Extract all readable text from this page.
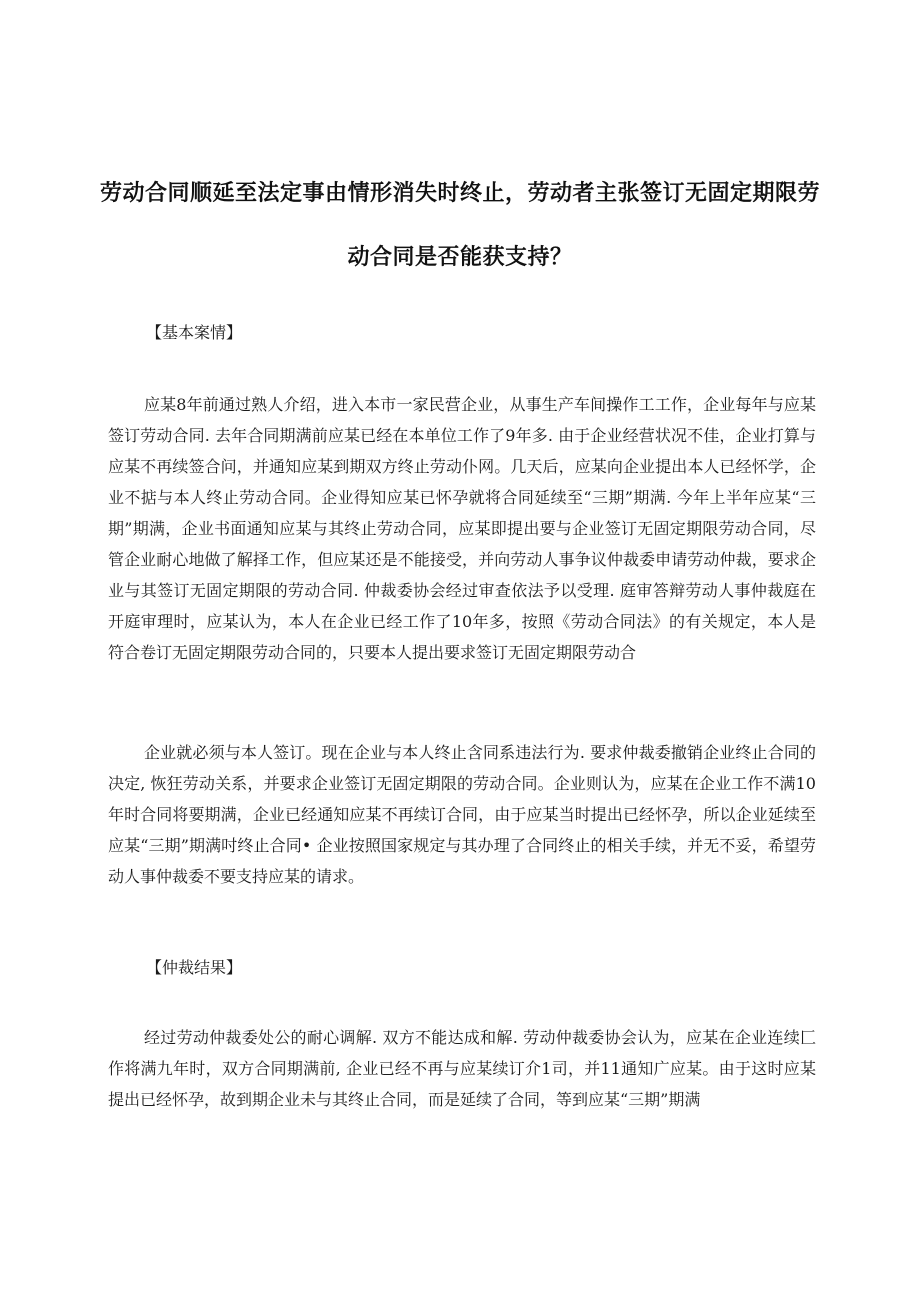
劳动合同顺延至法定事由情形消失时终止，劳动者主张签订无固定期限劳
动合同是否能获支持？
【基本案情】

应某8年前通过熟人介绍，进入本市一家民营企业，从事生产车间操作工工作，企业每年与应某签订劳动合同. 去年合同期满前应某已经在本单位工作了9年多. 由于企业经营状况不佳，企业打算与应某不再续签合问，并通知应某到期双方终止劳动仆网。几天后，应某向企业提出本人已经怀学，企业不掂与本人终止劳动合同。企业得知应某已怀孕就将合同延续至“三期”期满. 今年上半年应某“三期”期满，企业书面通知应某与其终止劳动合同，应某即提出要与企业签订无固定期限劳动合同，尽管企业耐心地做了解择工作，但应某还是不能接受，并向劳动人事争议仲裁委申请劳动仲裁，要求企业与其签订无固定期限的劳动合同. 仲裁委协会经过审查依法予以受理. 庭审答辩劳动人事仲裁庭在开庭审理时，应某认为，本人在企业已经工作了10年多，按照《劳动合同法》的有关规定，本人是符合卷订无固定期限劳动合同的，只要本人提出要求签订无固定期限劳动合

企业就必须与本人签订。现在企业与本人终止含同系违法行为. 要求仲裁委撤销企业终止合同的决定, 恢狂劳动关系，并要求企业签订无固定期限的劳动合同。企业则认为，应某在企业工作不满10年时合同将要期满，企业已经通知应某不再续订合同，由于应某当时提出已经怀孕，所以企业延续至应某“三期”期满吋终止合同• 企业按照国家规定与其办理了合同终止的相关手续，并无不妥，希望劳动人事仲裁委不要支持应某的请求。

【仲裁结果】

经过劳动仲裁委处公的耐心调解. 双方不能达成和解. 劳动仲裁委协会认为，应某在企业连续匚作将满九年时，双方合同期满前, 企业已经不再与应某续订介1司，并11通知广应某。由于这时应某提出已经怀孕，故到期企业未与其终止合同，而是延续了合同，等到应某“三期”期满
